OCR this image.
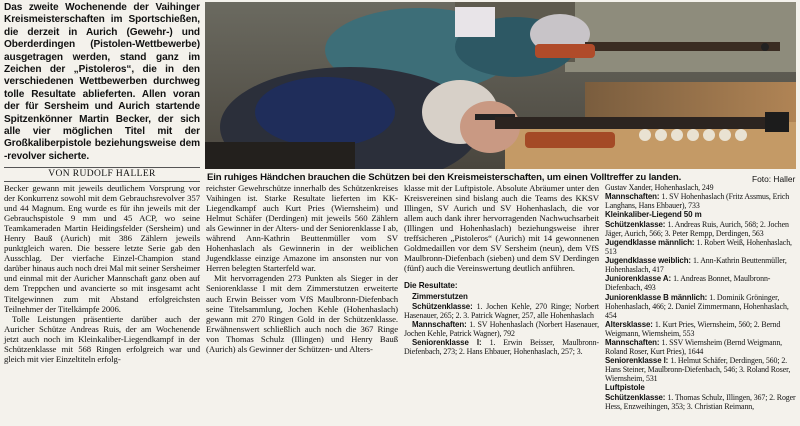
Das zweite Wochenende der Vaihinger Kreismeisterschaften im Sportschießen, die derzeit in Aurich (Gewehr-) und Oberderdingen (Pistolen-Wettbewerbe) ausgetragen werden, stand ganz im Zeichen der „Pistoleros“, die in den verschiedenen Wettbewerben durchweg tolle Resultate ablieferten. Allen voran der für Sersheim und Aurich startende Spitzenkönner Martin Becker, der sich alle vier möglichen Titel mit der Großkaliberpistole beziehungsweise dem -revolver sicherte.
VON RUDOLF HALLER	Ein ruhiges Händchen brauchen die Schützen bei den Kreismeisterschaften, um einen Volltreffer zu landen.	Foto: Haller

Becker gewann mit jeweils deutlichem Vorsprung vor der Konkurrenz sowohl mit dem Gebrauchsrevolver 357 und 44 Magnum. Eng wurde es für ihn jeweils mit der Gebrauchspistole 9 mm und 45 ACP, wo seine Teamkameraden Martin Heidingsfelder (Sersheim) und Henry Bauß (Aurich) mit 386 Zählern jeweils punktgleich waren. Die bessere letzte Serie gab den Ausschlag. Der vierfache Einzel-Champion stand darüber hinaus auch noch drei Mal mit seiner Sersheimer und einmal mit der Auricher Mannschaft ganz oben auf dem Treppchen und avancierte so mit insgesamt acht Titelgewinnen zum mit Abstand erfolgreichsten Teilnehmer der Titelkämpfe 2006.

Tolle Leistungen präsentierte darüber auch der Auricher Schütze Andreas Ruis, der am Wochenende jetzt auch noch im Kleinkaliber-Liegendkampf in der Schützenklasse mit 568 Ringen erfolgreich war und gleich mit vier Einzeltiteln erfolg-

reichster Gewehrschütze innerhalb des Schützenkreises Vaihingen ist. Starke Resultate lieferten im KK-Liegendkampf auch Kurt Pries (Wiernsheim) und Helmut Schäfer (Derdingen) mit jeweils 560 Zählern als Gewinner in der Alters- und der Seniorenklasse I ab, während Ann-Kathrin Beuttenmüller vom SV Hohenhaslach als Gewinnerin in der weiblichen Jugendklasse einzige Amazone im ansonsten nur von Herren belegten Starterfeld war.

Mit hervorragenden 273 Punkten als Sieger in der Seniorenklasse I mit dem Zimmerstutzen erweiterte auch Erwin Beisser vom VfS Maulbronn-Diefenbach seine Titelsammlung, Jochen Kehle (Hohenhaslach) gewann mit 270 Ringen Gold in der Schützenklasse. Erwähnenswert schließlich auch noch die 367 Ringe von Thomas Schulz (Illingen) und Henry Bauß (Aurich) als Gewinner der Schützen- und Alters-

klasse mit der Luftpistole. Absolute Abräumer unter den Kreisvereinen sind bislang auch die Teams des KKSV Illingen, SV Aurich und SV Hohenhaslach, die vor allem auch dank ihrer hervorragenden Nachwuchsarbeit (Illingen und Hohenhaslach) beziehungsweise ihrer treffsicheren „Pistoleros“ (Aurich) mit 14 gewonnenen Goldmedaillen vor dem SV Sersheim (neun), dem VfS Maulbronn-Diefenbach (sieben) und dem SV Derdingen (fünf) auch die Vereinswertung deutlich anführen.

Die Resultate:

Zimmerstutzen

Schützenklasse: 1. Jochen Kehle, 270 Ringe; Norbert Hasenauer, 265; 2. 3. Patrick Wagner, 257, alle Hohenhaslach

Mannschaften: 1. SV Hohenhaslach (Norbert Hasenauer, Jochen Kehle, Patrick Wagner), 792

Seniorenklasse I: 1. Erwin Beisser, Maulbronn-Diefenbach, 273; 2. Hans Ehbauer, Hohenhaslach, 257; 3.

Gustav Xander, Hohenhaslach, 249

Mannschaften: 1. SV Hohenhaslach (Fritz Assmus, Erich Langhans, Hans Ehbauer), 733

Kleinkaliber-Liegend 50 m

Schützenklasse: 1. Andreas Ruis, Aurich, 568; 2. Jochen Jäger, Aurich, 566; 3. Peter Rempp, Derdingen, 563

Jugendklasse männlich: 1. Robert Weiß, Hohenhaslach, 513

Jugendklasse weiblich: 1. Ann-Kathrin Beuttenmüller, Hohenhaslach, 417

Juniorenklasse A: 1. Andreas Bonnet, Maulbronn-Diefenbach, 493

Juniorenklasse B männlich: 1. Dominik Gröninger, Hohenhaslach, 466; 2. Daniel Zimmermann, Hohenhaslach, 454

Altersklasse: 1. Kurt Pries, Wiernsheim, 560; 2. Bernd Weigmann, Wiernsheim, 553

Mannschaften: 1. SSV Wiernsheim (Bernd Weigmann, Roland Roser, Kurt Pries), 1644

Seniorenklasse I: 1. Helmut Schäfer, Derdingen, 560; 2. Hans Steiner, Maulbronn-Diefenbach, 546; 3. Roland Roser, Wiernsheim, 531

Luftpistole

Schützenklasse: 1. Thomas Schulz, Illingen, 367; 2. Roger Hess, Enzweihingen, 353; 3. Christian Reimann,
